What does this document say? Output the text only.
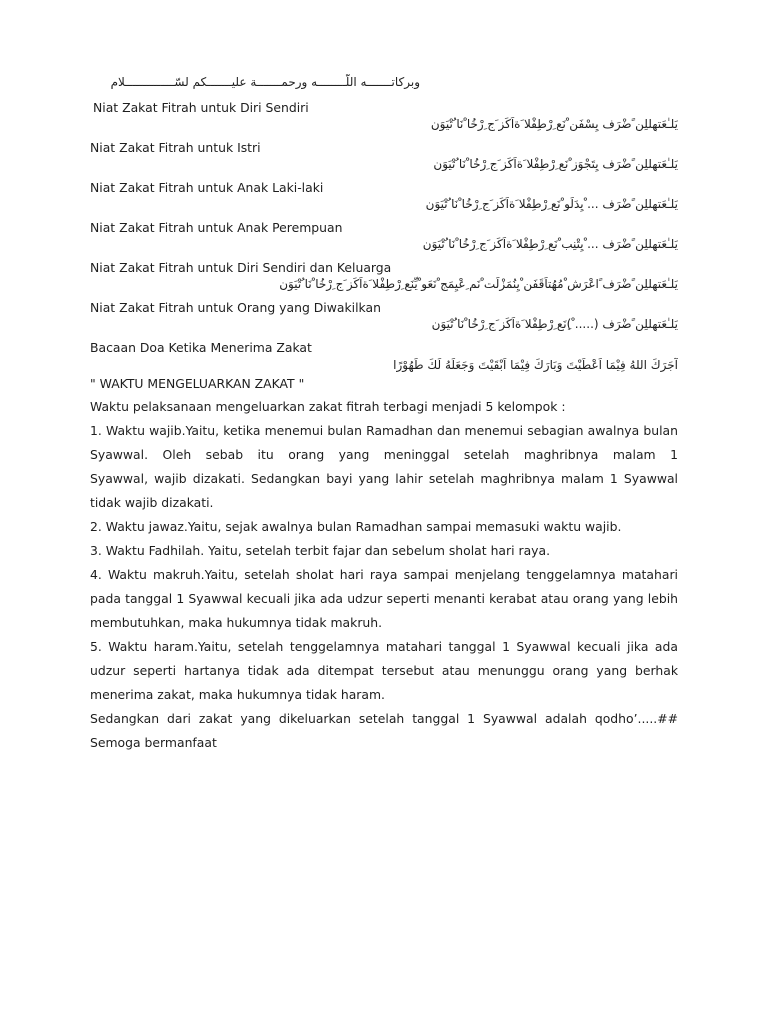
وبركاتـــــــه اللّــــــــه ورحمـــــــة عليـــــــكم لسّــــــــــــــلام
Niat Zakat Fitrah untuk Diri Sendiri
يَلـٰعَتهِللِن ًضْرَف يِسْفَن ْنَع ِرْطِفْلا َةاَكَز َج ِرْخُا ْنَا ُتْيَوَن
Niat Zakat Fitrah untuk Istri
يَلـٰعَتهِللِن ًضْرَف يِتَجْوَز ْنَع ِرْطِفْلا َةاَكَز َج ِرْخُا ْنَا ُتْيَوَن
Niat Zakat Fitrah untuk Anak Laki-laki
يَلـٰعَتهِللِن ًضْرَف ... ْيِدَلَو ْنَع ِرْطِفْلا َةاَكَز َج ِرْخُا ْنَا ُتْيَوَن
Niat Zakat Fitrah untuk Anak Perempuan
يَلـٰعَتهِللِن ًضْرَف ... ْيِتْنِب ْنَع ِرْطِفْلا َةاَكَز َج ِرْخُا ْنَا ُتْيَوَن
Niat Zakat Fitrah untuk Diri Sendiri dan Keluarga
يَلـٰعَتهِللِن ًضْرَف ًاعْرَش ْمُهُتاَقَفَن ْيِنُمَزْلَت ْنَم ِعْيِمَج ْنَعَو ْيِّنَع ِرْطِفْلا َةاَكَز َج ِرْخُا ْنَا ُتْيَوَن
Niat Zakat Fitrah untuk Orang yang Diwakilkan
يَلـٰعَتهِللِن ًضْرَف (..... ْ)ِنَع ِرْطِفْلا َةاَكَز َج ِرْخُا ْنَا ُتْيَوَن
Bacaan Doa Ketika Menerima Zakat
آجَرَكَ اللهُ فِيْمَا اَعْطَيْتَ وَبَارَكَ فِيْمَا اَبْقَيْتَ وَجَعَلَهُ لَكَ طَهُوْرًا
" WAKTU MENGELUARKAN ZAKAT "

Waktu pelaksanaan mengeluarkan zakat fitrah terbagi menjadi 5 kelompok :

1. Waktu wajib.Yaitu, ketika menemui bulan Ramadhan dan menemui sebagian awalnya bulan Syawwal. Oleh sebab itu orang yang meninggal setelah maghribnya malam 1

Syawwal, wajib dizakati. Sedangkan bayi yang lahir setelah maghribnya malam 1 Syawwal tidak wajib dizakati.

2. Waktu jawaz.Yaitu, sejak awalnya bulan Ramadhan sampai memasuki waktu wajib.

3. Waktu Fadhilah. Yaitu, setelah terbit fajar dan sebelum sholat hari raya.

4. Waktu makruh.Yaitu, setelah sholat hari raya sampai menjelang tenggelamnya matahari pada tanggal 1 Syawwal kecuali jika ada udzur seperti menanti kerabat atau orang yang lebih membutuhkan, maka hukumnya tidak makruh.

5. Waktu haram.Yaitu, setelah tenggelamnya matahari tanggal 1 Syawwal kecuali jika ada udzur seperti hartanya tidak ada ditempat tersebut atau menunggu orang yang berhak menerima zakat, maka hukumnya tidak haram.

Sedangkan dari zakat yang dikeluarkan setelah tanggal 1 Syawwal adalah qodho’.....## Semoga bermanfaat
